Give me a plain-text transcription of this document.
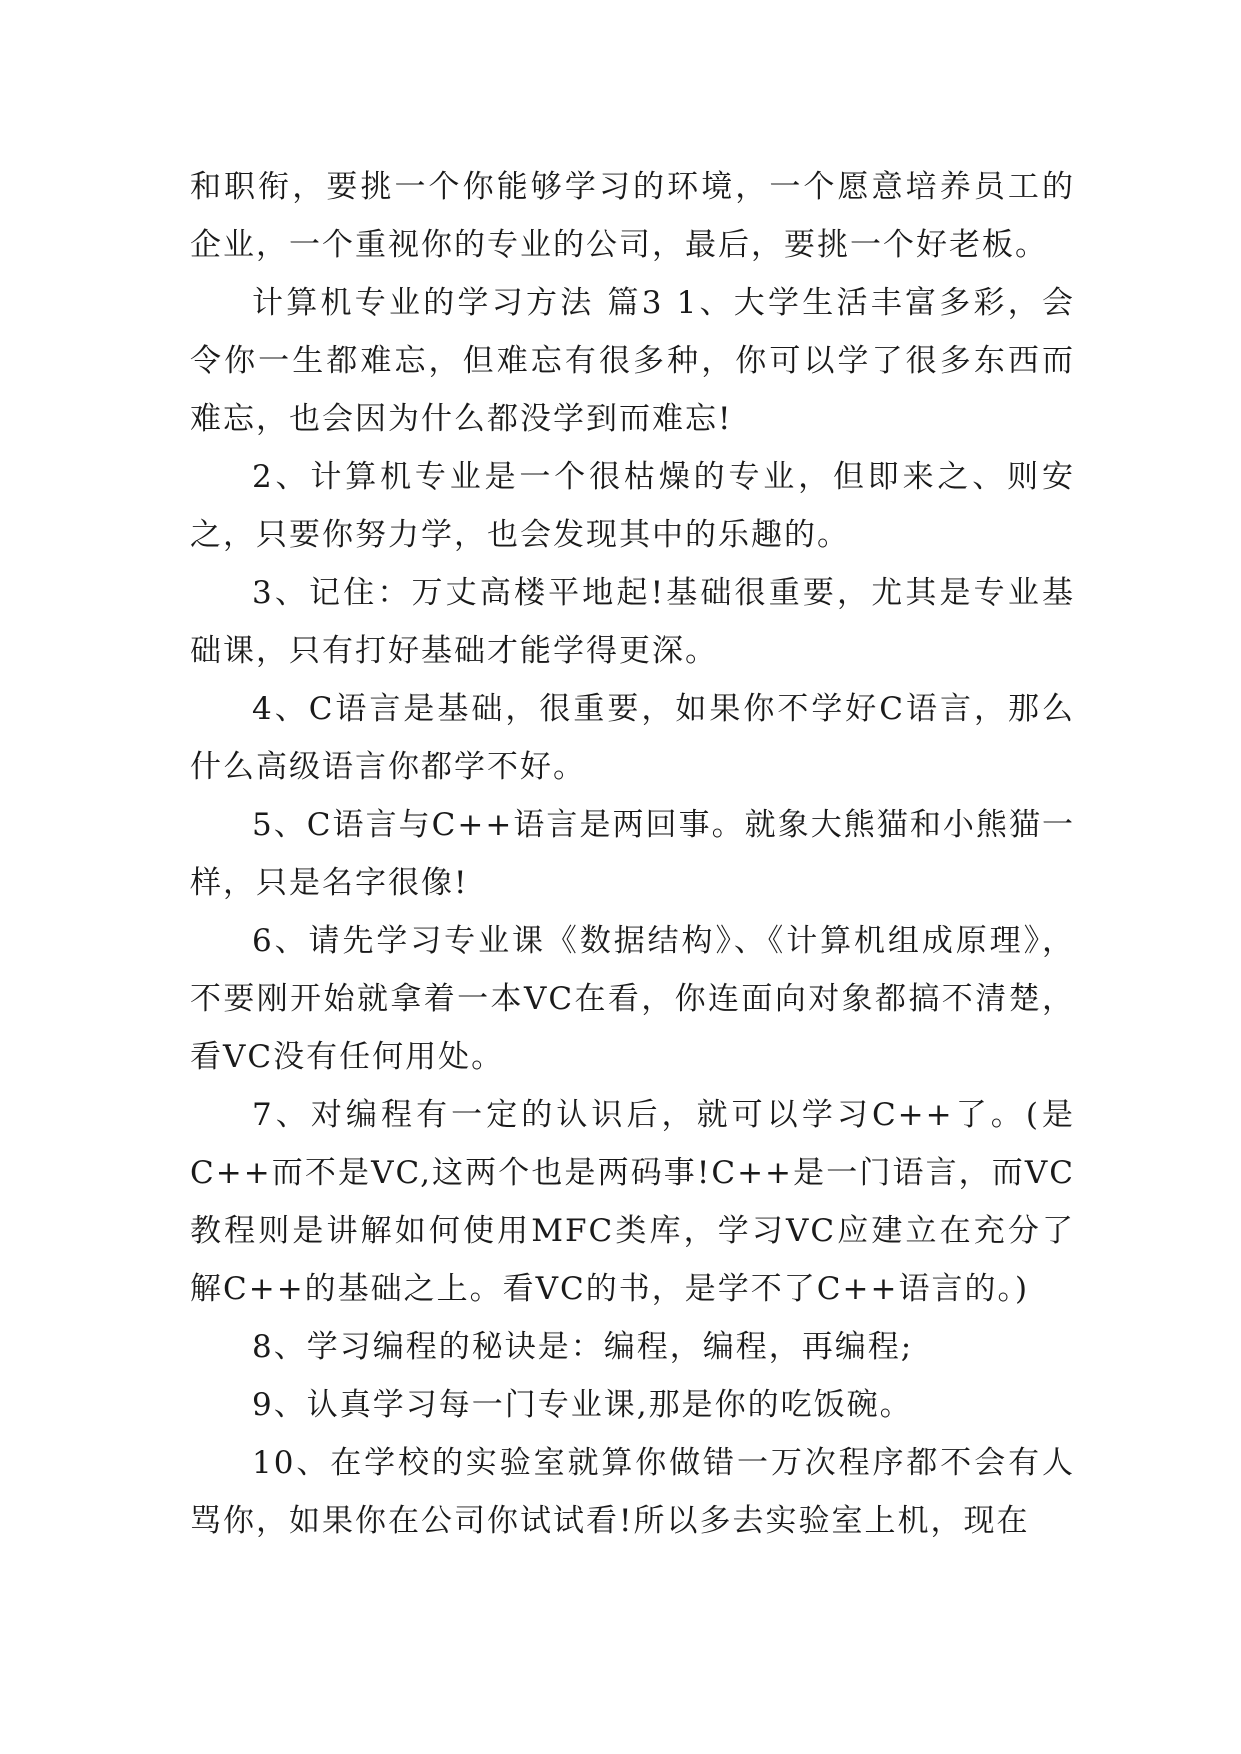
和职衔，要挑一个你能够学习的环境，一个愿意培养员工的企业，一个重视你的专业的公司，最后，要挑一个好老板。

计算机专业的学习方法 篇3 1、大学生活丰富多彩，会令你一生都难忘，但难忘有很多种，你可以学了很多东西而难忘，也会因为什么都没学到而难忘!

2、计算机专业是一个很枯燥的专业，但即来之、则安之，只要你努力学，也会发现其中的乐趣的。

3、记住：万丈高楼平地起!基础很重要，尤其是专业基础课，只有打好基础才能学得更深。

4、C语言是基础，很重要，如果你不学好C语言，那么什么高级语言你都学不好。

5、C语言与C++语言是两回事。就象大熊猫和小熊猫一样，只是名字很像!

6、请先学习专业课《数据结构》、《计算机组成原理》，不要刚开始就拿着一本VC在看，你连面向对象都搞不清楚，看VC没有任何用处。

7、对编程有一定的认识后，就可以学习C++了。(是C++而不是VC,这两个也是两码事!C++是一门语言，而VC教程则是讲解如何使用MFC类库，学习VC应建立在充分了解C++的基础之上。看VC的书，是学不了C++语言的。)

8、学习编程的秘诀是：编程，编程，再编程;

9、认真学习每一门专业课,那是你的吃饭碗。

10、在学校的实验室就算你做错一万次程序都不会有人骂你，如果你在公司你试试看!所以多去实验室上机，现在
